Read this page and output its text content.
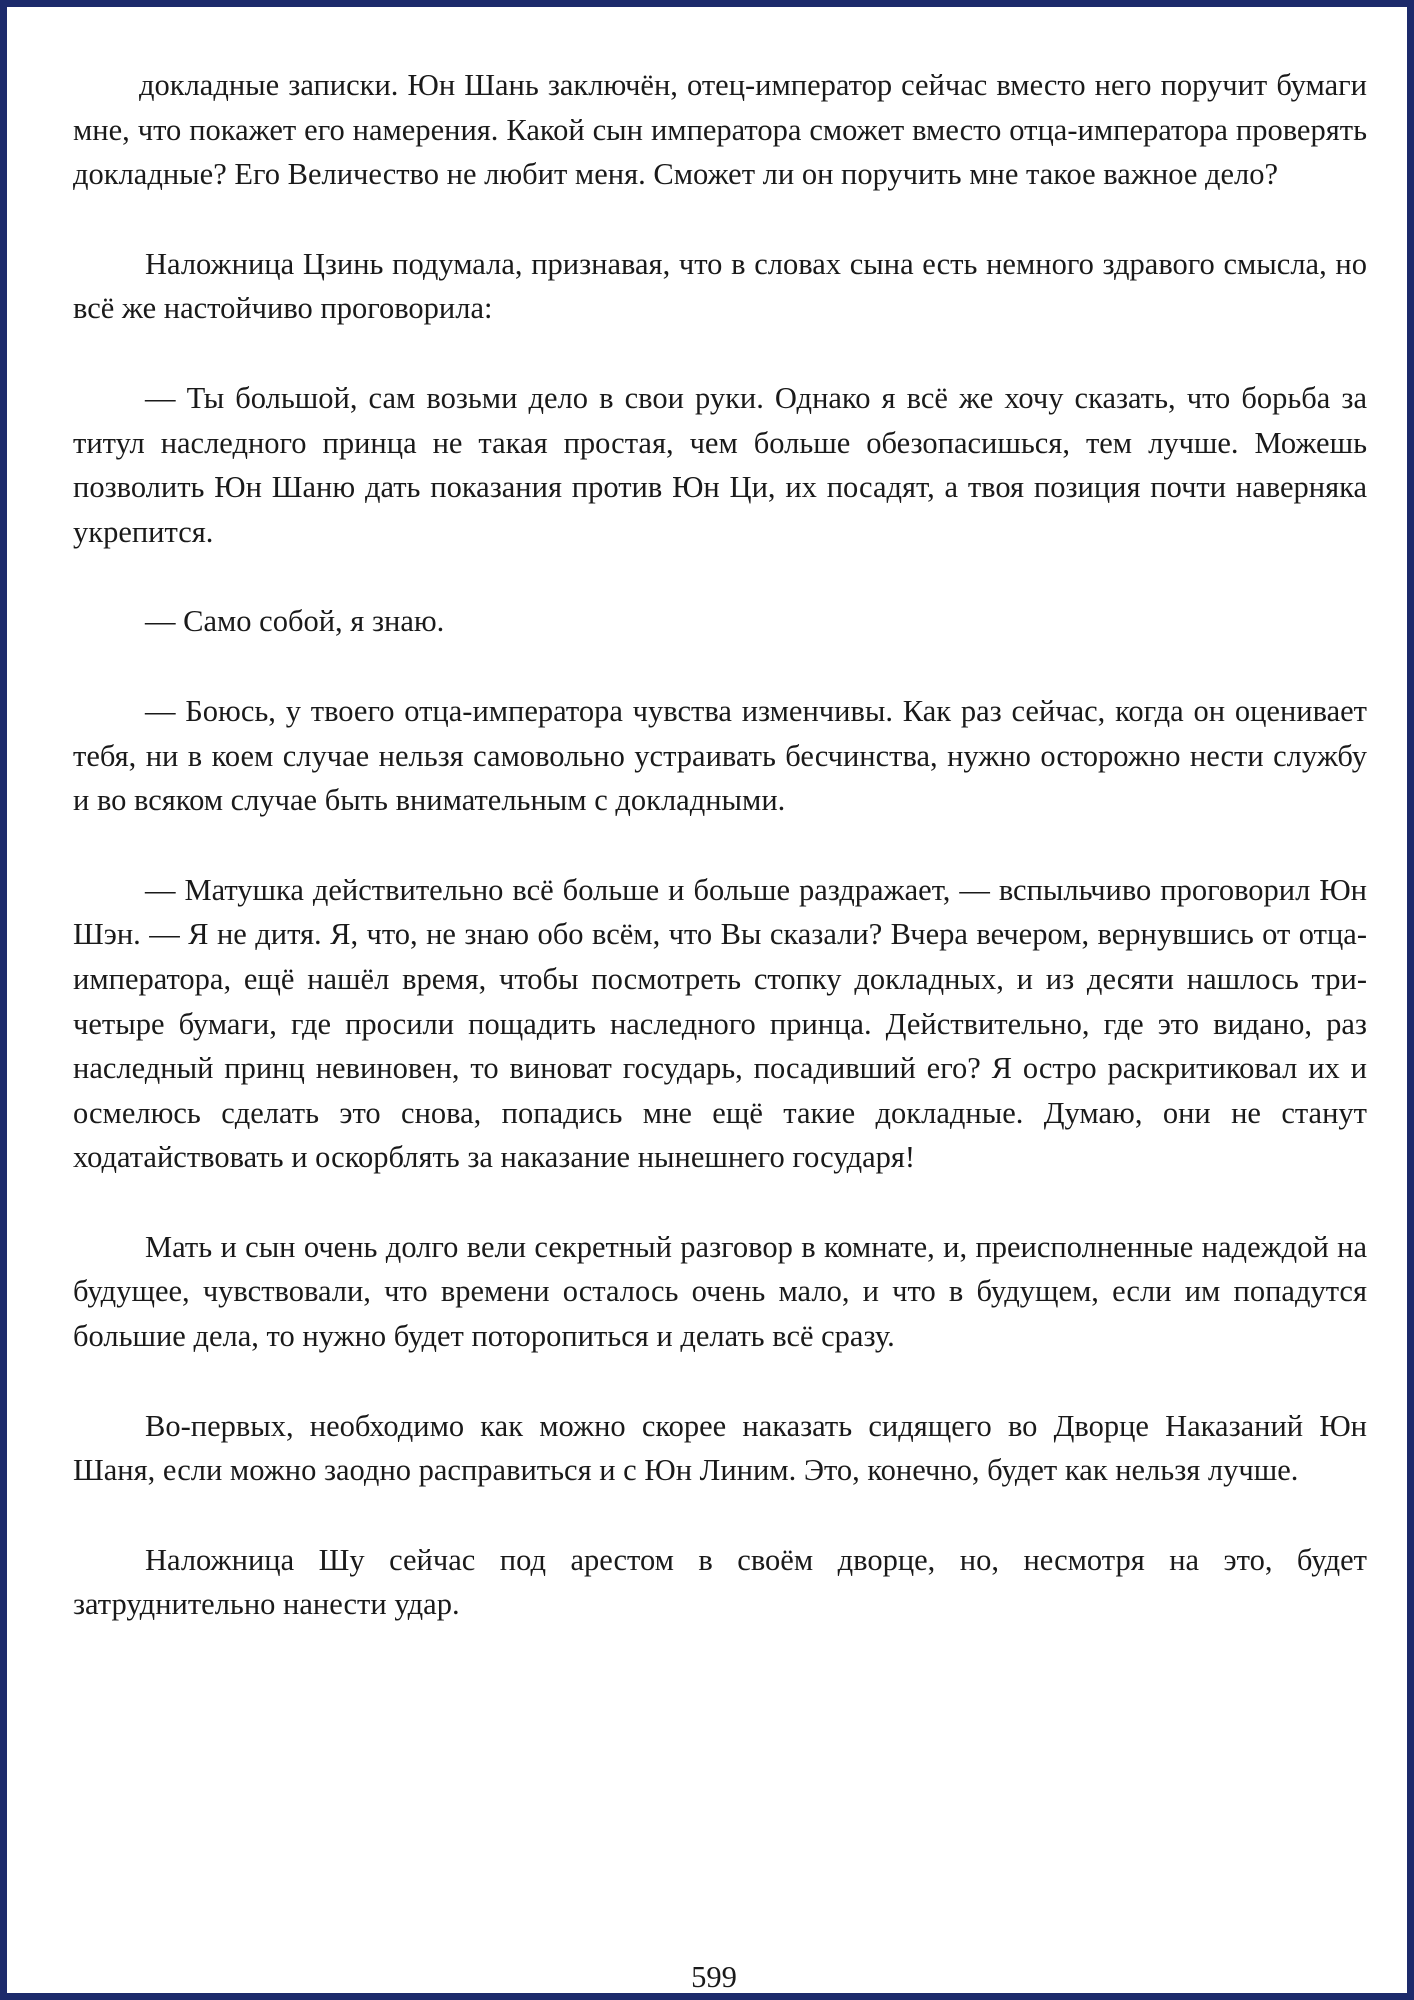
докладные записки. Юн Шань заключён, отец-император сейчас вместо него поручит бумаги мне, что покажет его намерения. Какой сын императора сможет вместо отца-императора проверять докладные? Его Величество не любит меня. Сможет ли он поручить мне такое важное дело?

Наложница Цзинь подумала, признавая, что в словах сына есть немного здравого смысла, но всё же настойчиво проговорила:

— Ты большой, сам возьми дело в свои руки. Однако я всё же хочу сказать, что борьба за титул наследного принца не такая простая, чем больше обезопасишься, тем лучше. Можешь позволить Юн Шаню дать показания против Юн Ци, их посадят, а твоя позиция почти наверняка укрепится.

— Само собой, я знаю.

— Боюсь, у твоего отца-императора чувства изменчивы. Как раз сейчас, когда он оценивает тебя, ни в коем случае нельзя самовольно устраивать бесчинства, нужно осторожно нести службу и во всяком случае быть внимательным с докладными.

— Матушка действительно всё больше и больше раздражает, — вспыльчиво проговорил Юн Шэн. — Я не дитя. Я, что, не знаю обо всём, что Вы сказали? Вчера вечером, вернувшись от отца-императора, ещё нашёл время, чтобы посмотреть стопку докладных, и из десяти нашлось три-четыре бумаги, где просили пощадить наследного принца. Действительно, где это видано, раз наследный принц невиновен, то виноват государь, посадивший его? Я остро раскритиковал их и осмелюсь сделать это снова, попадись мне ещё такие докладные. Думаю, они не станут ходатайствовать и оскорблять за наказание нынешнего государя!

Мать и сын очень долго вели секретный разговор в комнате, и, преисполненные надеждой на будущее, чувствовали, что времени осталось очень мало, и что в будущем, если им попадутся большие дела, то нужно будет поторопиться и делать всё сразу.

Во-первых, необходимо как можно скорее наказать сидящего во Дворце Наказаний Юн Шаня, если можно заодно расправиться и с Юн Линим. Это, конечно, будет как нельзя лучше.

Наложница Шу сейчас под арестом в своём дворце, но, несмотря на это, будет затруднительно нанести удар.

599
